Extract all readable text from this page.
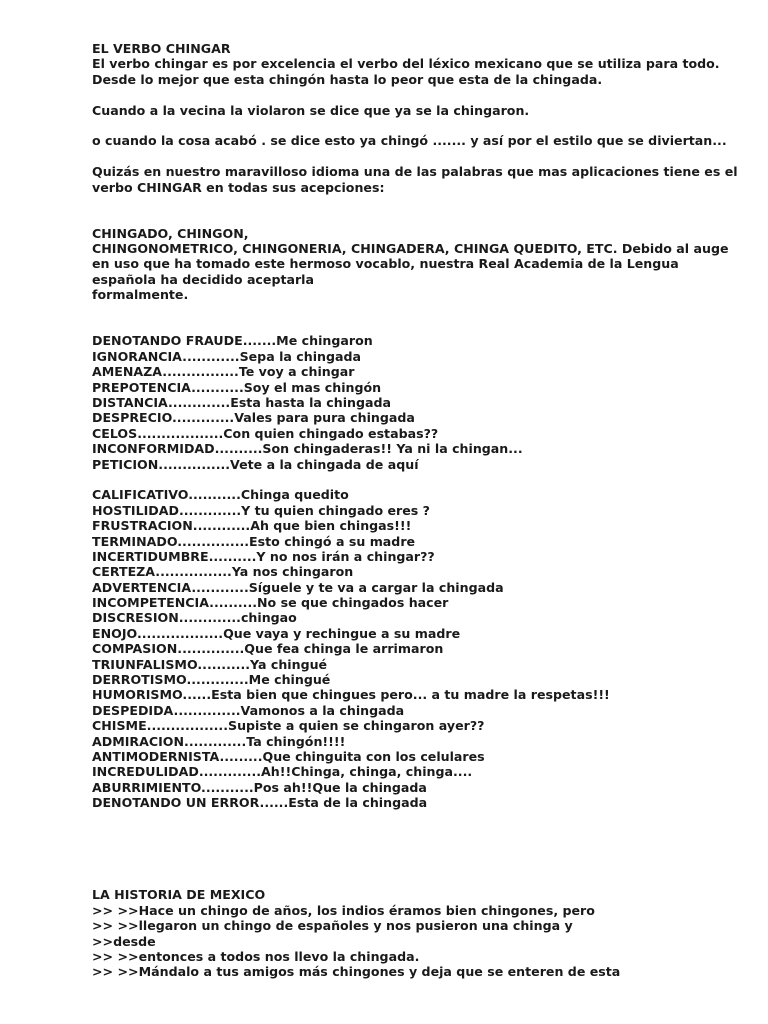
EL VERBO CHINGAR
El verbo chingar es por excelencia el verbo del léxico mexicano que se utiliza para todo.
Desde lo mejor que esta chingón hasta lo peor que esta de la chingada.
Cuando a la vecina la violaron se dice que ya se la chingaron.
o cuando la cosa acabó . se dice esto ya chingó ....... y así por el estilo que se diviertan...
Quizás en nuestro maravilloso idioma una de las palabras que mas aplicaciones tiene es el
verbo CHINGAR en todas sus acepciones:
CHINGADO, CHINGON,
CHINGONOMETRICO, CHINGONERIA, CHINGADERA, CHINGA QUEDITO, ETC. Debido al auge
en uso que ha tomado este hermoso vocablo, nuestra Real Academia de la Lengua
española ha decidido aceptarla
formalmente.
DENOTANDO FRAUDE.......Me chingaron
IGNORANCIA............Sepa la chingada
AMENAZA................Te voy a chingar
PREPOTENCIA...........Soy el mas chingón
DISTANCIA.............Esta hasta la chingada
DESPRECIO.............Vales para pura chingada
CELOS..................Con quien chingado estabas??
INCONFORMIDAD..........Son chingaderas!! Ya ni la chingan...
PETICION...............Vete a la chingada de aquí
CALIFICATIVO...........Chinga quedito
HOSTILIDAD.............Y tu quien chingado eres ?
FRUSTRACION............Ah que bien chingas!!!
TERMINADO...............Esto chingó a su madre
INCERTIDUMBRE..........Y no nos irán a chingar??
CERTEZA................Ya nos chingaron
ADVERTENCIA............Síguele y te va a cargar la chingada
INCOMPETENCIA..........No se que chingados hacer
DISCRESION.............chingao
ENOJO..................Que vaya y rechingue a su madre
COMPASION..............Que fea chinga le arrimaron
TRIUNFALISMO...........Ya chingué
DERROTISMO.............Me chingué
HUMORISMO......Esta bien que chingues pero... a tu madre la respetas!!!
DESPEDIDA..............Vamonos a la chingada
CHISME.................Supiste a quien se chingaron ayer??
ADMIRACION.............Ta chingón!!!!
ANTIMODERNISTA.........Que chinguita con los celulares
INCREDULIDAD.............Ah!!Chinga, chinga, chinga....
ABURRIMIENTO...........Pos ah!!Que la chingada
DENOTANDO UN ERROR......Esta de la chingada
LA HISTORIA DE MEXICO
>> >>Hace un chingo de años, los indios éramos bien chingones, pero
>> >>llegaron un chingo de españoles y nos pusieron una chinga y
>>desde
>> >>entonces a todos nos llevo la chingada.
>> >>Mándalo a tus amigos más chingones y deja que se enteren de esta
